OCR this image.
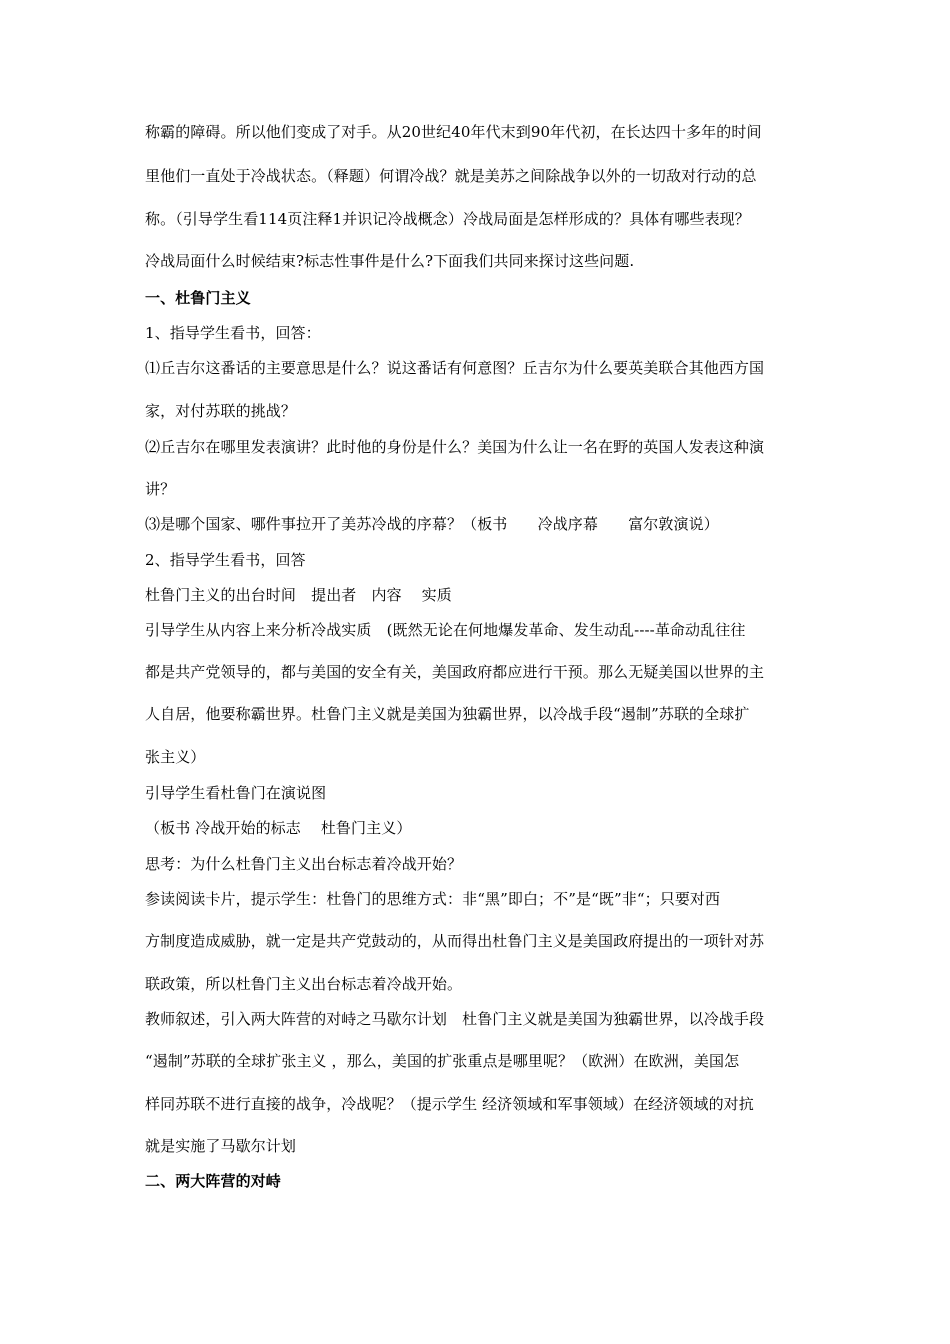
称霸的障碍。所以他们变成了对手。从20世纪40年代末到90年代初，在长达四十多年的时间
里他们一直处于冷战状态。（释题）何谓冷战？就是美苏之间除战争以外的一切敌对行动的总
称。（引导学生看114页注释1并识记冷战概念）冷战局面是怎样形成的？具体有哪些表现？
冷战局面什么时候结束?标志性事件是什么?下面我们共同来探讨这些问题.
一、杜鲁门主义
1、指导学生看书，回答：
⑴丘吉尔这番话的主要意思是什么？说这番话有何意图？丘吉尔为什么要英美联合其他西方国
家，对付苏联的挑战？
⑵丘吉尔在哪里发表演讲？此时他的身份是什么？美国为什么让一名在野的英国人发表这种演
讲？
⑶是哪个国家、哪件事拉开了美苏冷战的序幕？（板书　　冷战序幕　　富尔敦演说）
2、指导学生看书，回答
杜鲁门主义的出台时间　提出者　内容　 实质
引导学生从内容上来分析冷战实质　(既然无论在何地爆发革命、发生动乱----革命动乱往往
都是共产党领导的，都与美国的安全有关，美国政府都应进行干预。那么无疑美国以世界的主
人自居，他要称霸世界。杜鲁门主义就是美国为独霸世界，以冷战手段“遏制”苏联的全球扩
张主义）
引导学生看杜鲁门在演说图
（板书 冷战开始的标志　 杜鲁门主义）
思考：为什么杜鲁门主义出台标志着冷战开始？
参读阅读卡片，提示学生：杜鲁门的思维方式：非“黑”即白；不”是“既”非“；只要对西
方制度造成威胁，就一定是共产党鼓动的，从而得出杜鲁门主义是美国政府提出的一项针对苏
联政策，所以杜鲁门主义出台标志着冷战开始。
教师叙述，引入两大阵营的对峙之马歇尔计划　杜鲁门主义就是美国为独霸世界，以冷战手段
“遏制”苏联的全球扩张主义 ，那么，美国的扩张重点是哪里呢？（欧洲）在欧洲，美国怎
样同苏联不进行直接的战争，冷战呢？（提示学生 经济领域和军事领域）在经济领域的对抗
就是实施了马歇尔计划
二、两大阵营的对峙
